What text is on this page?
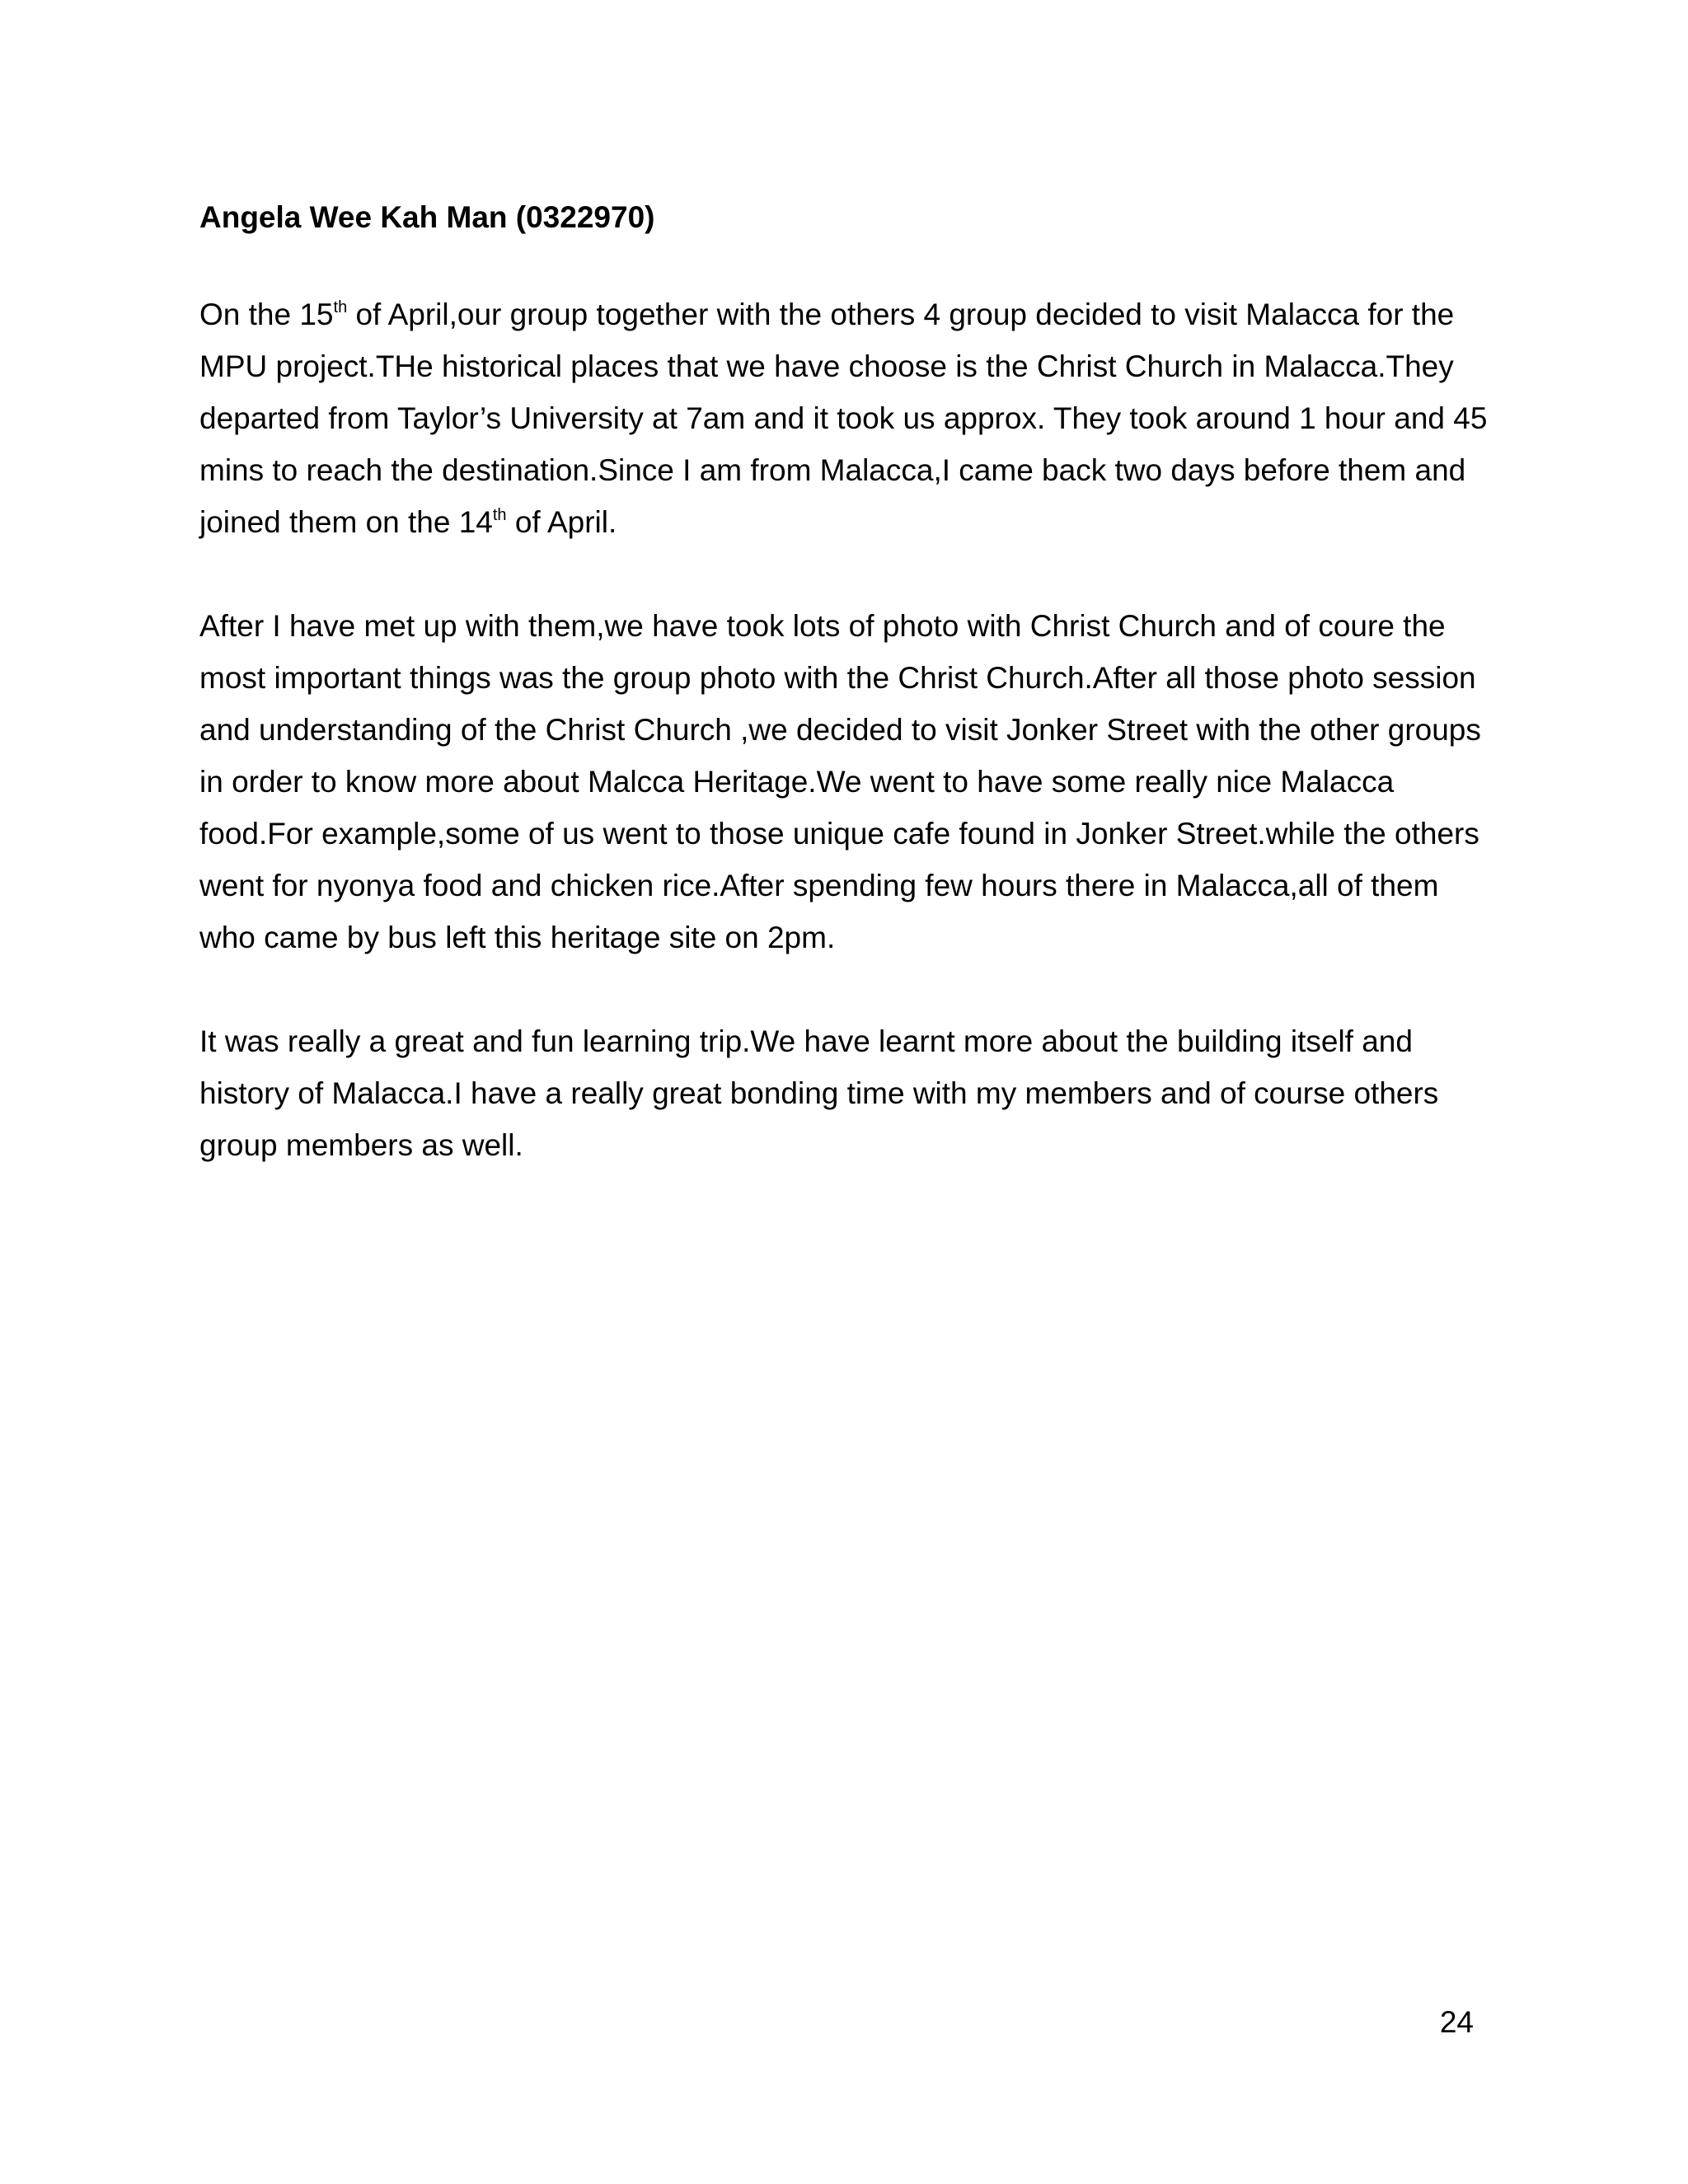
Angela Wee Kah Man (0322970)
On the 15th of April,our group together with the others 4 group decided to visit Malacca for the
MPU project.THe historical places that we have choose is the Christ Church in Malacca.They
departed from Taylor’s University at 7am and it took us approx. They took around 1 hour and 45
mins to reach the destination.Since I am from Malacca,I came back two days before them and
joined them on the 14th of April.
After I have met up with them,we have took lots of photo with Christ Church and of coure the
most important things was the group photo with the Christ Church.After all those photo session
and understanding of the Christ Church ,we decided to visit Jonker Street with the other groups
in order to know more about Malcca Heritage.We went to have some really nice Malacca
food.For example,some of us went to those unique cafe found in Jonker Street.while the others
went for nyonya food and chicken rice.After spending few hours there in Malacca,all of them
who came by bus left this heritage site on 2pm.
It was really a great and fun learning trip.We have learnt more about the building itself and
history of Malacca.I have a really great bonding time with my members and of course others
group members as well.
24
